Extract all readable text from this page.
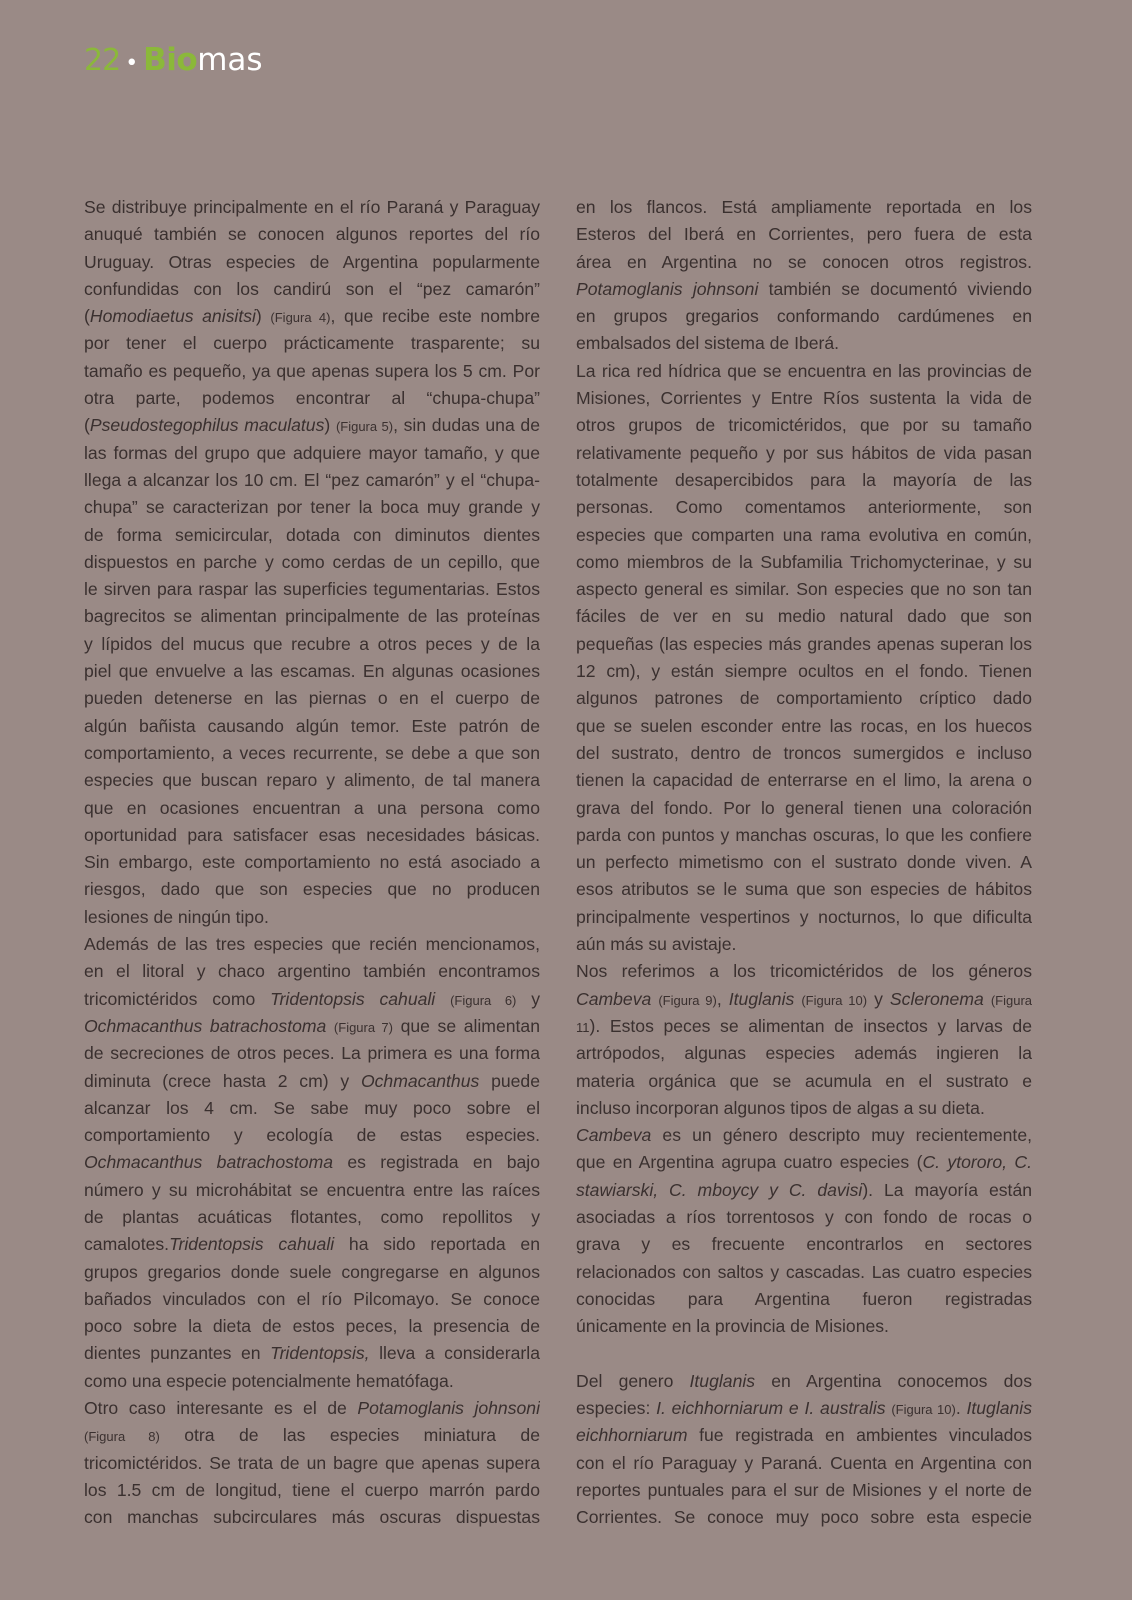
22 • Bio mas
Se distribuye principalmente en el río Paraná y Paraguay
anuqué también se conocen algunos reportes del río
Uruguay. Otras especies de Argentina popularmente
confundidas con los candirú son el “pez camarón”
(Homodiaetus anisitsi) (Figura 4), que recibe este nombre
por tener el cuerpo prácticamente trasparente; su
tamaño es pequeño, ya que apenas supera los 5 cm. Por
otra parte, podemos encontrar al “chupa-chupa”
(Pseudostegophilus maculatus) (Figura 5), sin dudas una de
las formas del grupo que adquiere mayor tamaño, y que
llega a alcanzar los 10 cm. El “pez camarón” y el “chupa-
chupa” se caracterizan por tener la boca muy grande y
de forma semicircular, dotada con diminutos dientes
dispuestos en parche y como cerdas de un cepillo, que
le sirven para raspar las superficies tegumentarias. Estos
bagrecitos se alimentan principalmente de las proteínas
y lípidos del mucus que recubre a otros peces y de la
piel que envuelve a las escamas. En algunas ocasiones
pueden detenerse en las piernas o en el cuerpo de
algún bañista causando algún temor. Este patrón de
comportamiento, a veces recurrente, se debe a que son
especies que buscan reparo y alimento, de tal manera
que en ocasiones encuentran a una persona como
oportunidad para satisfacer esas necesidades básicas.
Sin embargo, este comportamiento no está asociado a
riesgos, dado que son especies que no producen
lesiones de ningún tipo.
Además de las tres especies que recién mencionamos,
en el litoral y chaco argentino también encontramos
tricomictéridos como Tridentopsis cahuali (Figura 6) y
Ochmacanthus batrachostoma (Figura 7) que se alimentan
de secreciones de otros peces. La primera es una forma
diminuta (crece hasta 2 cm) y Ochmacanthus puede
alcanzar los 4 cm. Se sabe muy poco sobre el
comportamiento y ecología de estas especies.
Ochmacanthus batrachostoma es registrada en bajo
número y su microhábitat se encuentra entre las raíces
de plantas acuáticas flotantes, como repollitos y
camalotes.Tridentopsis cahuali ha sido reportada en
grupos gregarios donde suele congregarse en algunos
bañados vinculados con el río Pilcomayo. Se conoce
poco sobre la dieta de estos peces, la presencia de
dientes punzantes en Tridentopsis, lleva a considerarla
como una especie potencialmente hematófaga.
Otro caso interesante es el de Potamoglanis johnsoni
(Figura 8) otra de las especies miniatura de
tricomictéridos. Se trata de un bagre que apenas supera
los 1.5 cm de longitud, tiene el cuerpo marrón pardo
con manchas subcirculares más oscuras dispuestas
en los flancos. Está ampliamente reportada en los
Esteros del Iberá en Corrientes, pero fuera de esta
área en Argentina no se conocen otros registros.
Potamoglanis johnsoni también se documentó viviendo
en grupos gregarios conformando cardúmenes en
embalsados del sistema de Iberá.
La rica red hídrica que se encuentra en las provincias de
Misiones, Corrientes y Entre Ríos sustenta la vida de
otros grupos de tricomictéridos, que por su tamaño
relativamente pequeño y por sus hábitos de vida pasan
totalmente desapercibidos para la mayoría de las
personas. Como comentamos anteriormente, son
especies que comparten una rama evolutiva en común,
como miembros de la Subfamilia Trichomycterinae, y su
aspecto general es similar. Son especies que no son tan
fáciles de ver en su medio natural dado que son
pequeñas (las especies más grandes apenas superan los
12 cm), y están siempre ocultos en el fondo. Tienen
algunos patrones de comportamiento críptico dado
que se suelen esconder entre las rocas, en los huecos
del sustrato, dentro de troncos sumergidos e incluso
tienen la capacidad de enterrarse en el limo, la arena o
grava del fondo. Por lo general tienen una coloración
parda con puntos y manchas oscuras, lo que les confiere
un perfecto mimetismo con el sustrato donde viven. A
esos atributos se le suma que son especies de hábitos
principalmente vespertinos y nocturnos, lo que dificulta
aún más su avistaje.
Nos referimos a los tricomictéridos de los géneros
Cambeva (Figura 9), Ituglanis (Figura 10) y Scleronema (Figura
11). Estos peces se alimentan de insectos y larvas de
artrópodos, algunas especies además ingieren la
materia orgánica que se acumula en el sustrato e
incluso incorporan algunos tipos de algas a su dieta.
Cambeva es un género descripto muy recientemente,
que en Argentina agrupa cuatro especies (C. ytororo, C.
stawiarski, C. mboycy y C. davisi). La mayoría están
asociadas a ríos torrentosos y con fondo de rocas o
grava y es frecuente encontrarlos en sectores
relacionados con saltos y cascadas. Las cuatro especies
conocidas para Argentina fueron registradas
únicamente en la provincia de Misiones.

Del genero Ituglanis en Argentina conocemos dos
especies: I. eichhorniarum e I. australis (Figura 10). Ituglanis
eichhorniarum fue registrada en ambientes vinculados
con el río Paraguay y Paraná. Cuenta en Argentina con
reportes puntuales para el sur de Misiones y el norte de
Corrientes. Se conoce muy poco sobre esta especie
